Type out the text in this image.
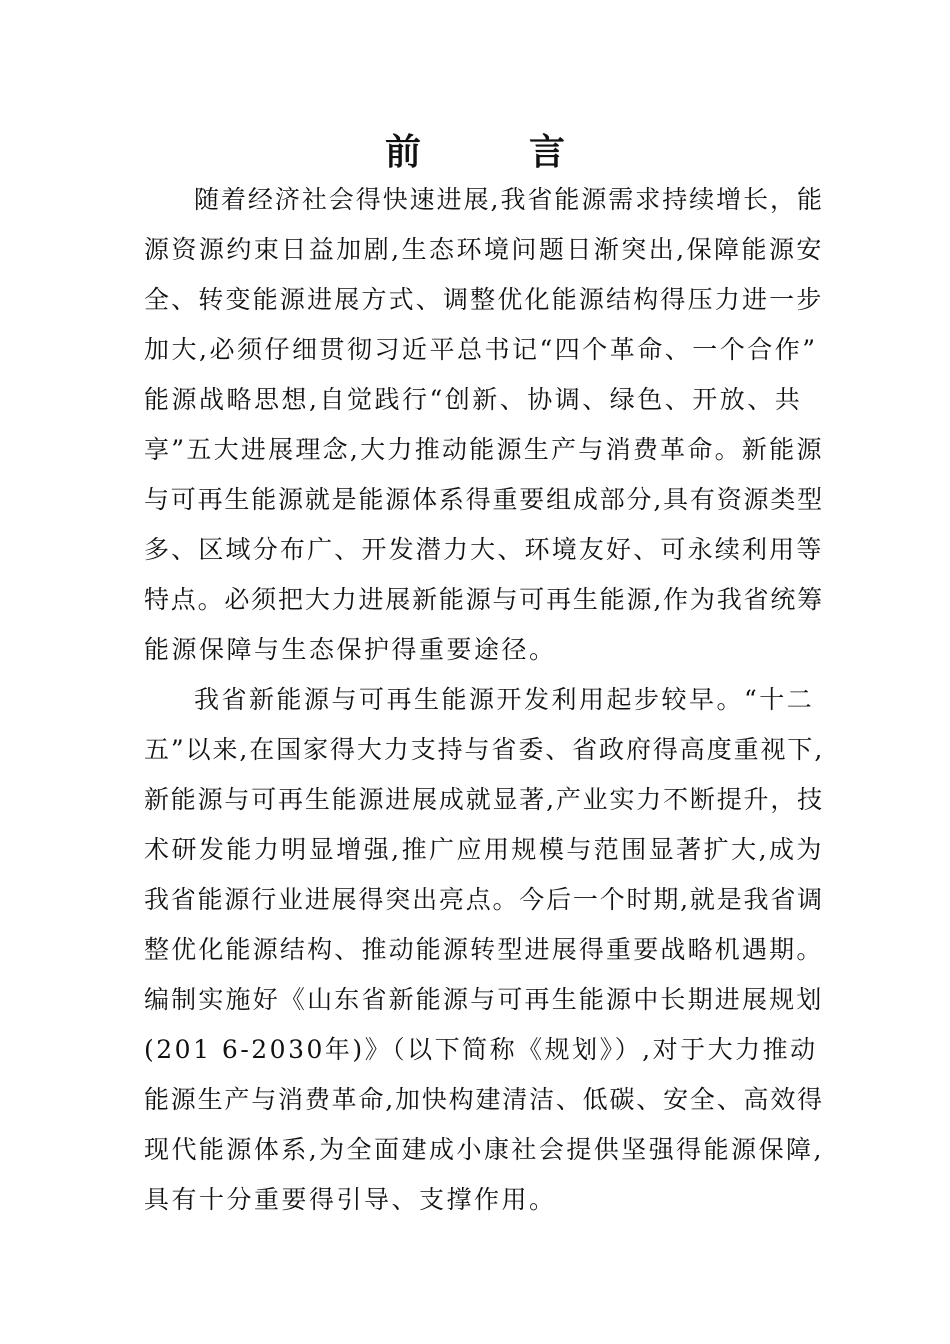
前　言
随着经济社会得快速进展,我省能源需求持续增长，能
源资源约束日益加剧,生态环境问题日渐突出,保障能源安
全、转变能源进展方式、调整优化能源结构得压力进一步
加大,必须仔细贯彻习近平总书记“四个革命、一个合作”
能源战略思想,自觉践行“创新、协调、绿色、开放、共
享”五大进展理念,大力推动能源生产与消费革命。新能源
与可再生能源就是能源体系得重要组成部分,具有资源类型
多、区域分布广、开发潜力大、环境友好、可永续利用等
特点。必须把大力进展新能源与可再生能源,作为我省统筹
能源保障与生态保护得重要途径。
我省新能源与可再生能源开发利用起步较早。“十二
五”以来,在国家得大力支持与省委、省政府得高度重视下,
新能源与可再生能源进展成就显著,产业实力不断提升，技
术研发能力明显增强,推广应用规模与范围显著扩大,成为
我省能源行业进展得突出亮点。今后一个时期,就是我省调
整优化能源结构、推动能源转型进展得重要战略机遇期。
编制实施好《山东省新能源与可再生能源中长期进展规划
(201 6-2030年)》（以下简称《规划》）,对于大力推动
能源生产与消费革命,加快构建清洁、低碳、安全、高效得
现代能源体系,为全面建成小康社会提供坚强得能源保障,
具有十分重要得引导、支撑作用。
